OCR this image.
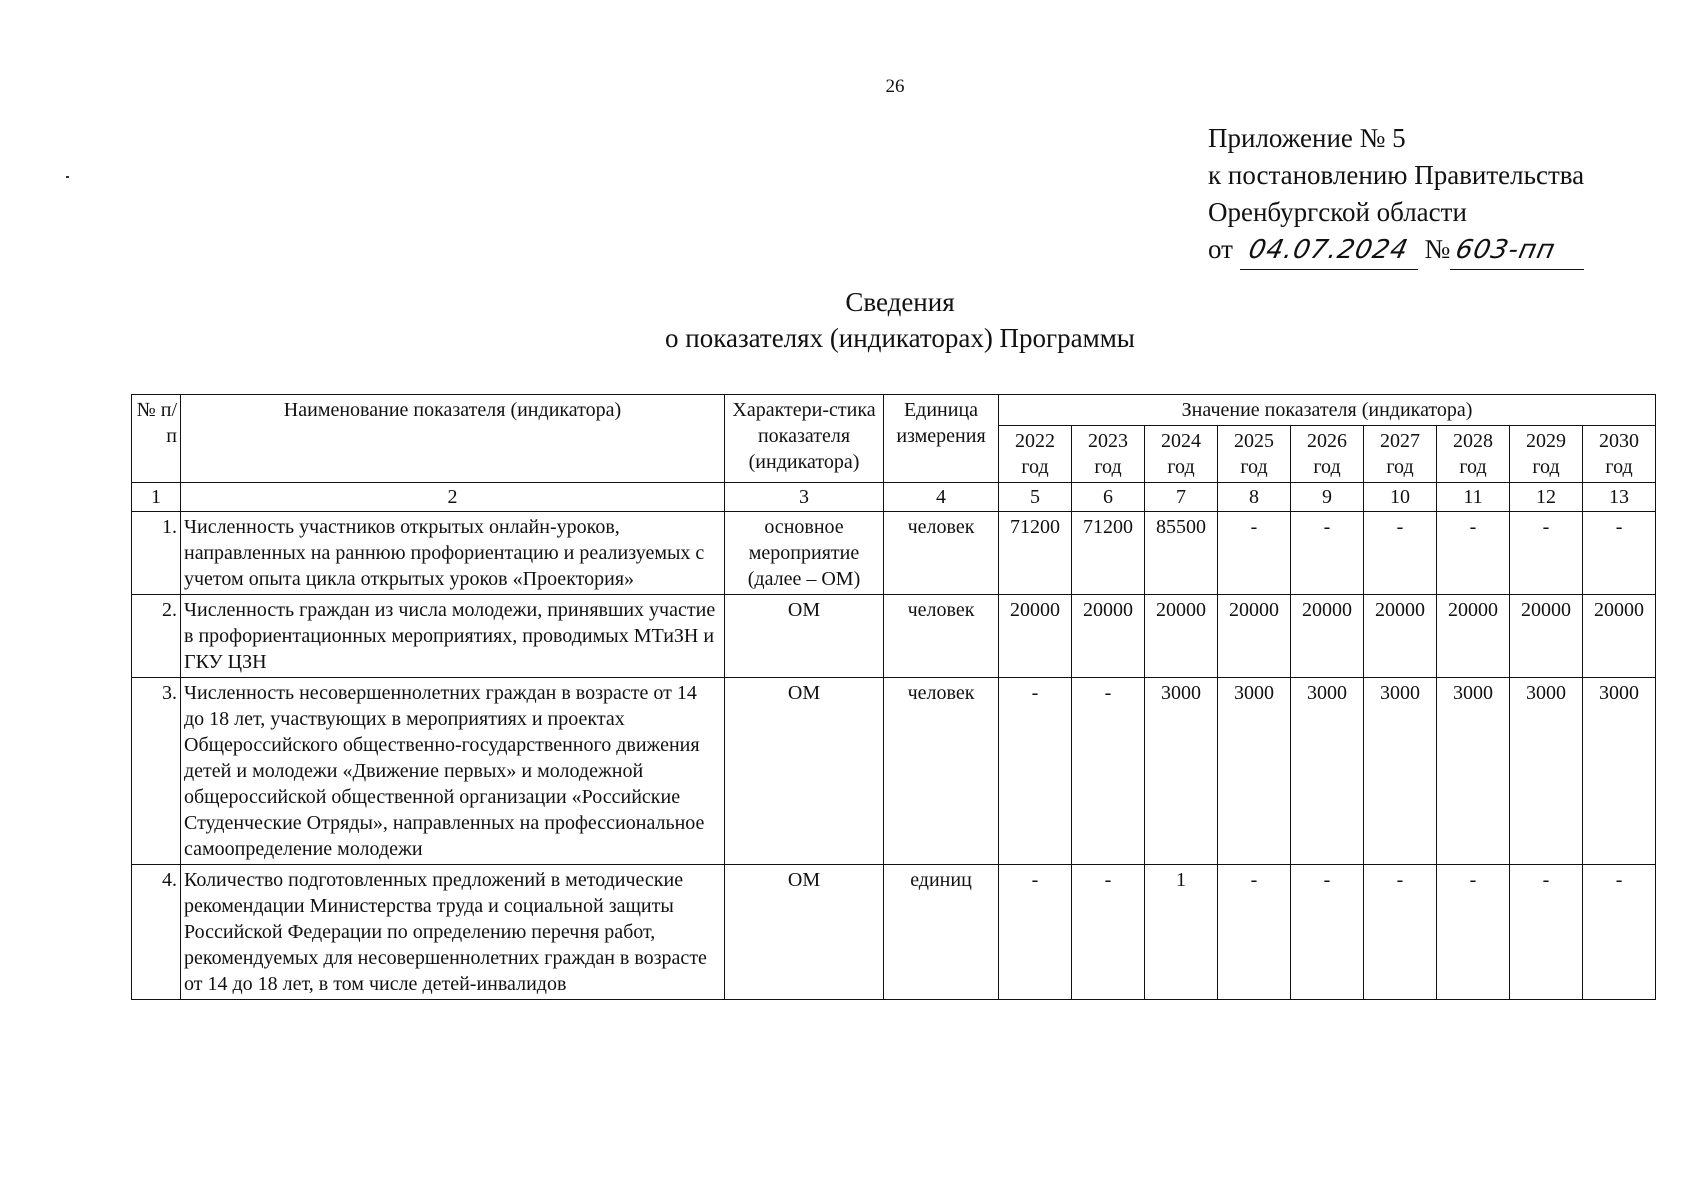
26
Приложение № 5
к постановлению Правительства
Оренбургской области
от 04.07.2024 № 603-пп
Сведения
о показателях (индикаторах) Программы
№ п/п	Наименование показателя (индикатора)	Характери-стика показателя (индикатора)	Единица измерения	Значение показателя (индикатора)								
				2022 год	2023 год	2024 год	2025 год	2026 год	2027 год	2028 год	2029 год	2030 год
1	2	3	4	5	6	7	8	9	10	11	12	13
1.	Численность участников открытых онлайн-уроков, направленных на раннюю профориентацию и реализуемых с учетом опыта цикла открытых уроков «Проектория»	основное мероприятие (далее – ОМ)	человек	71200	71200	85500	-	-	-	-	-	-
2.	Численность граждан из числа молодежи, принявших участие в профориентационных мероприятиях, проводимых МТиЗН и ГКУ ЦЗН	ОМ	человек	20000	20000	20000	20000	20000	20000	20000	20000	20000
3.	Численность несовершеннолетних граждан в возрасте от 14 до 18 лет, участвующих в мероприятиях и проектах Общероссийского общественно-государственного движения детей и молодежи «Движение первых» и молодежной общероссийской общественной организации «Российские Студенческие Отряды», направленных на профессиональное самоопределение молодежи	ОМ	человек	-	-	3000	3000	3000	3000	3000	3000	3000
4.	Количество подготовленных предложений в методические рекомендации Министерства труда и социальной защиты Российской Федерации по определению перечня работ, рекомендуемых для несовершеннолетних граждан в возрасте от 14 до 18 лет, в том числе детей-инвалидов	ОМ	единиц	-	-	1	-	-	-	-	-	-
